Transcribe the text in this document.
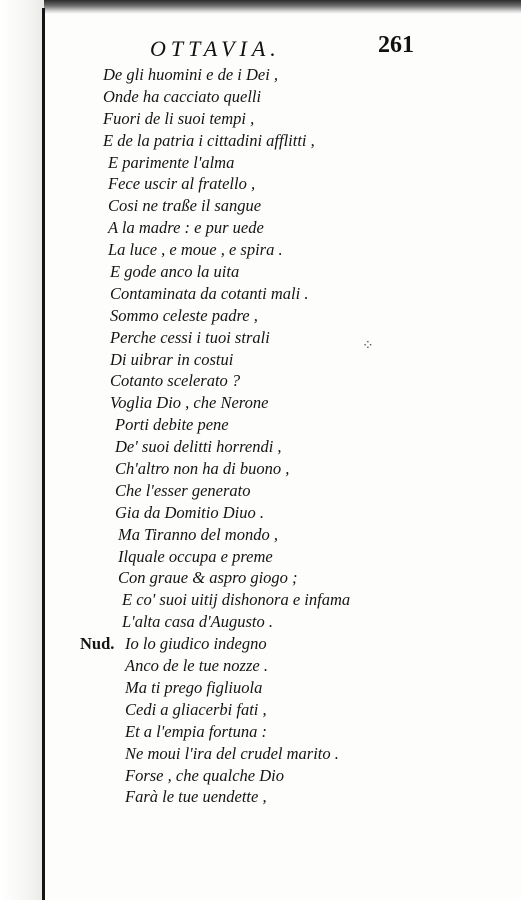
OTTAVIA.	261
⁘
De gli huomini e de i Dei ,
Onde ha cacciato quelli
Fuori de li suoi tempi ,
E de la patria i cittadini afflitti ,
E parimente l'alma
Fece uscir al fratello ,
Cosi ne traße il sangue
A la madre : e pur uede
La luce , e moue , e spira .
E gode anco la uita
Contaminata da cotanti mali .
Sommo celeste padre ,
Perche cessi i tuoi strali
Di uibrar in costui
Cotanto scelerato ?
Voglia Dio , che Nerone
Porti debite pene
De' suoi delitti horrendi ,
Ch'altro non ha di buono ,
Che l'esser generato
Gia da Domitio Diuo .
Ma Tiranno del mondo ,
Ilquale occupa e preme
Con graue & aspro giogo ;
E co' suoi uitij dishonora e infama
L'alta casa d'Augusto .
Nud. Io lo giudico indegno
Anco de le tue nozze .
Ma ti prego figliuola
Cedi a gliacerbi fati ,
Et a l'empia fortuna :
Ne moui l'ira del crudel marito .
Forse , che qualche Dio
Farà le tue uendette ,
